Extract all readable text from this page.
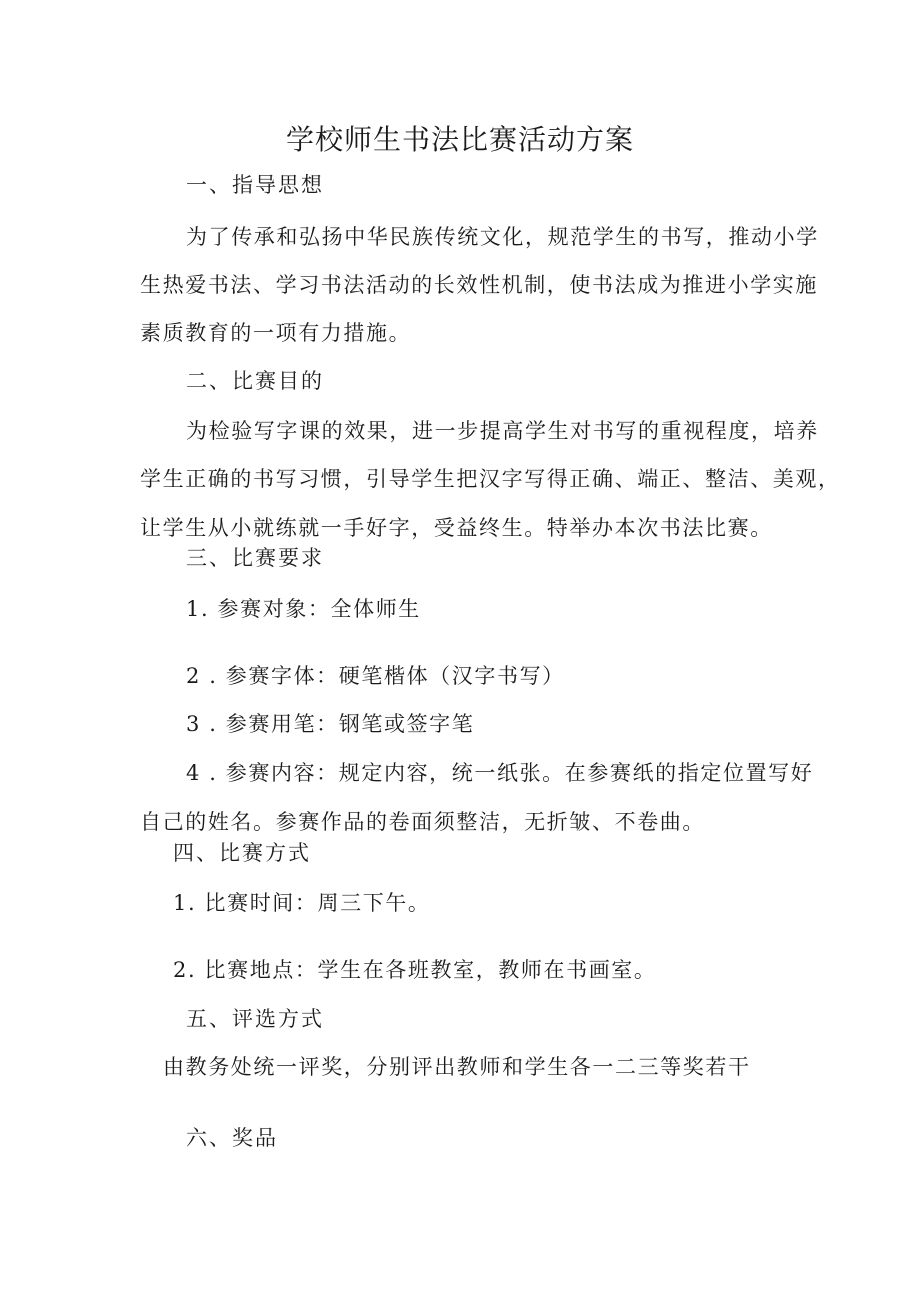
学校师生书法比赛活动方案

一、指导思想

为了传承和弘扬中华民族传统文化，规范学生的书写，推动小学

生热爱书法、学习书法活动的长效性机制，使书法成为推进小学实施

素质教育的一项有力措施。

二、比赛目的

为检验写字课的效果，进一步提高学生对书写的重视程度，培养

学生正确的书写习惯，引导学生把汉字写得正确、端正、整洁、美观，

让学生从小就练就一手好字，受益终生。特举办本次书法比赛。

三、比赛要求

1. 参赛对象：全体师生

2 . 参赛字体：硬笔楷体（汉字书写）

3 . 参赛用笔：钢笔或签字笔

4 . 参赛内容：规定内容，统一纸张。在参赛纸的指定位置写好

自己的姓名。参赛作品的卷面须整洁，无折皱、不卷曲。

四、比赛方式

1. 比赛时间：周三下午。

2. 比赛地点：学生在各班教室，教师在书画室。

五、评选方式

由教务处统一评奖，分别评出教师和学生各一二三等奖若干

六、奖品
